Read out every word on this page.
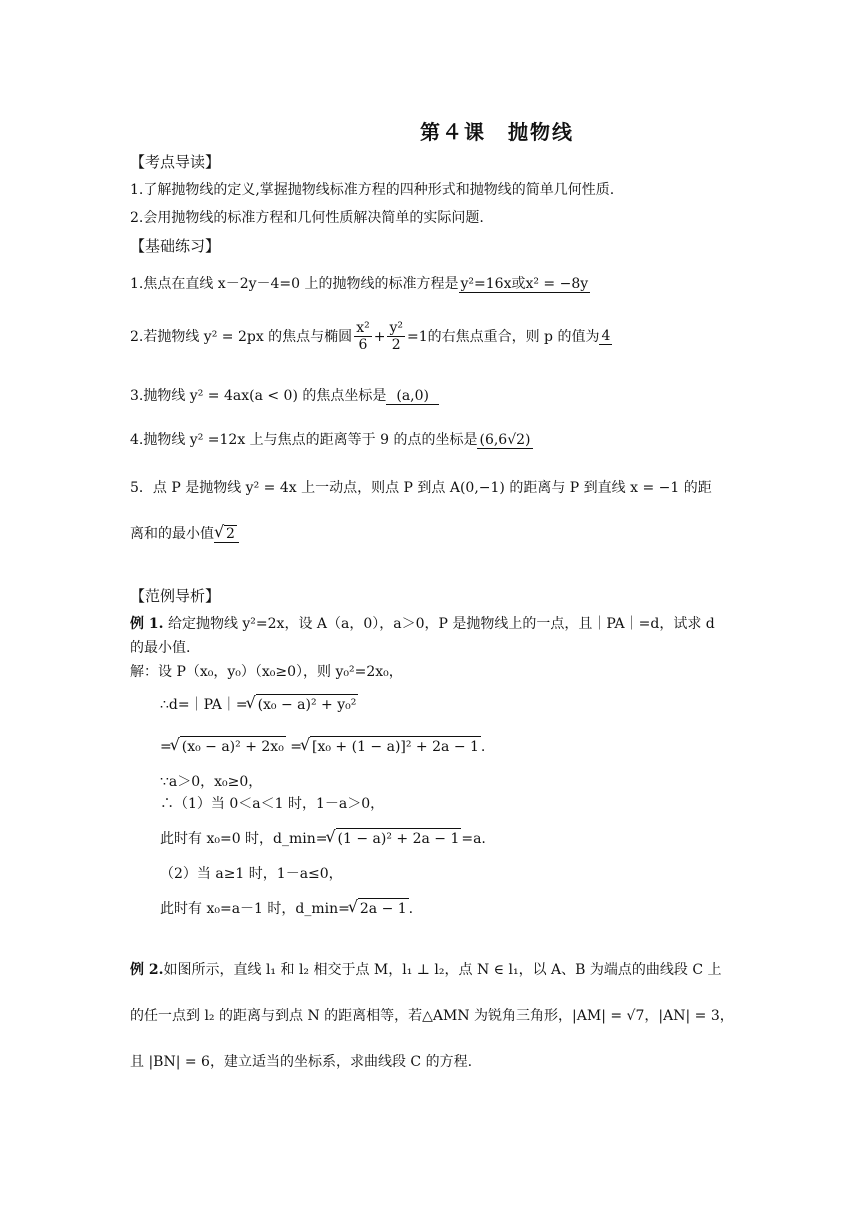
第４课　抛物线
【考点导读】
1.了解抛物线的定义,掌握抛物线标准方程的四种形式和抛物线的简单几何性质.
2.会用抛物线的标准方程和几何性质解决简单的实际问题.
【基础练习】
1.焦点在直线 x－2y－4=0 上的抛物线的标准方程是 y²=16x或x² = −8y
2.若抛物线 y² = 2px 的焦点与椭圆 $\frac{\text{x²}}{6} + \frac{\text{y²}}{2} =1$的右焦点重合，则 p 的值为 4
3.抛物线 y² = 4ax(a < 0) 的焦点坐标是 (a,0)
4.抛物线 y² =12x 上与焦点的距离等于 9 的点的坐标是 (6,6√2)
5．点 P 是抛物线 y² = 4x 上一动点，则点 P 到点 A(0,−1) 的距离与 P 到直线 x = −1 的距
离和的最小值 √ 2
【范例导析】
例 1. 给定抛物线 y²=2x，设 A（a，0），a＞0，P 是抛物线上的一点，且｜PA｜=d，试求 d
的最小值.
解：设 P（x₀，y₀）（x₀≥0），则 y₀²=2x₀，
∴d=｜PA｜= √ (x₀ − a)² + y₀²
= √ (x₀ − a)² + 2x₀ = √ [x₀ + (1 − a)]² + 2a − 1 .
∵a＞0，x₀≥0，
∴（1）当 0＜a＜1 时，1－a＞0，
此时有 x₀=0 时，d_min= √ (1 − a)² + 2a − 1 =a.
（2）当 a≥1 时，1－a≤0，
此时有 x₀=a－1 时，d_min= √ 2a − 1 .
例 2.如图所示，直线 l₁ 和 l₂ 相交于点 M，l₁ ⊥ l₂，点 N ∈ l₁，以 A、B 为端点的曲线段 C 上
的任一点到 l₂ 的距离与到点 N 的距离相等，若△AMN 为锐角三角形，|AM| = √7，|AN| = 3，
且 |BN| = 6，建立适当的坐标系，求曲线段 C 的方程.
